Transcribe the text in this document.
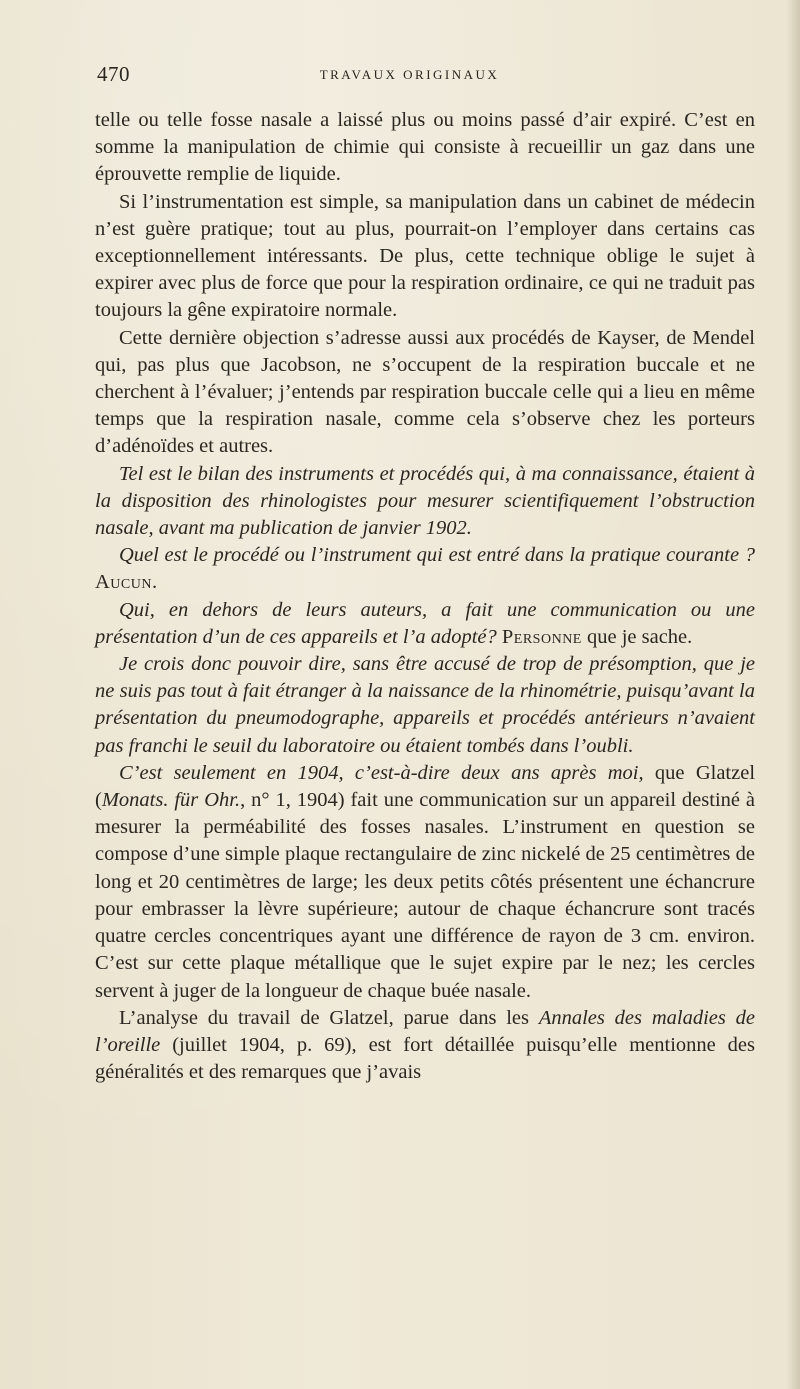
470	TRAVAUX ORIGINAUX

telle ou telle fosse nasale a laissé plus ou moins passé d’air expiré. C’est en somme la manipulation de chimie qui consiste à recueillir un gaz dans une éprouvette remplie de liquide.

Si l’instrumentation est simple, sa manipulation dans un cabinet de médecin n’est guère pratique; tout au plus, pourrait-on l’employer dans certains cas exceptionnellement intéressants. De plus, cette technique oblige le sujet à expirer avec plus de force que pour la respiration ordinaire, ce qui ne traduit pas toujours la gêne expiratoire normale.

Cette dernière objection s’adresse aussi aux procédés de Kayser, de Mendel qui, pas plus que Jacobson, ne s’occupent de la respiration buccale et ne cherchent à l’évaluer; j’entends par respiration buccale celle qui a lieu en même temps que la respiration nasale, comme cela s’observe chez les porteurs d’adénoïdes et autres.

Tel est le bilan des instruments et procédés qui, à ma connaissance, étaient à la disposition des rhinologistes pour mesurer scientifiquement l’obstruction nasale, avant ma publication de janvier 1902.

Quel est le procédé ou l’instrument qui est entré dans la pratique courante ? Aucun.

Qui, en dehors de leurs auteurs, a fait une communication ou une présentation d’un de ces appareils et l’a adopté? Personne que je sache.

Je crois donc pouvoir dire, sans être accusé de trop de présomption, que je ne suis pas tout à fait étranger à la naissance de la rhinométrie, puisqu’avant la présentation du pneumodographe, appareils et procédés antérieurs n’avaient pas franchi le seuil du laboratoire ou étaient tombés dans l’oubli.

C’est seulement en 1904, c’est-à-dire deux ans après moi, que Glatzel (Monats. für Ohr., n° 1, 1904) fait une communication sur un appareil destiné à mesurer la perméabilité des fosses nasales. L’instrument en question se compose d’une simple plaque rectangulaire de zinc nickelé de 25 centimètres de long et 20 centimètres de large; les deux petits côtés présentent une échancrure pour embrasser la lèvre supérieure; autour de chaque échancrure sont tracés quatre cercles concentriques ayant une différence de rayon de 3 cm. environ. C’est sur cette plaque métallique que le sujet expire par le nez; les cercles servent à juger de la longueur de chaque buée nasale.

L’analyse du travail de Glatzel, parue dans les Annales des maladies de l’oreille (juillet 1904, p. 69), est fort détaillée puisqu’elle mentionne des généralités et des remarques que j’avais
